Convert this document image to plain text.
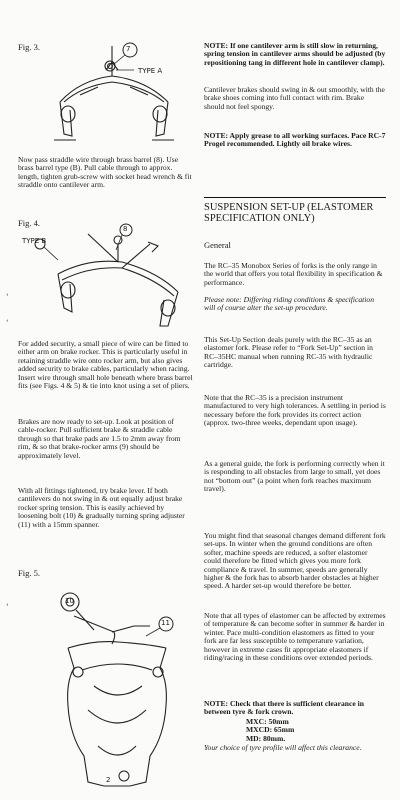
Fig. 3.	7
TYPE A

Now pass straddle wire through brass barrel (8). Use brass barrel type (B). Pull cable through to approx. length, tighten grub-screw with socket head wrench & fit straddle onto cantilever arm.

Fig. 4.
TYPE B
8

For added security, a small piece of wire can be fitted to either arm on brake rocker. This is particularly useful in retaining straddle wire onto rocker arm, but also gives added security to brake cables, particularly when racing. Insert wire through small hole beneath where brass barrel fits (see Figs. 4 & 5) & tie into knot using a set of pliers.

Brakes are now ready to set-up. Look at position of cable-rocker. Pull sufficient brake & straddle cable through so that brake pads are 1.5 to 2mm away from rim, & so that brake-rocker arms (9) should be approximately level.

With all fittings tightened, try brake lever. If both cantilevers do not swing in & out equally adjust brake rocker spring tension. This is easily achieved by loosening bolt (10) & gradually turning spring adjuster (11) with a 15mm spanner.

Fig. 5.
10
11
2
ʻ
ʻ
ʻ

NOTE: If one cantilever arm is still slow in returning, spring tension in cantilever arms should be adjusted (by repositioning tang in different hole in cantilever clamp).

Cantilever brakes should swing in & out smoothly, with the brake shoes coming into full contact with rim. Brake should not feel spongy.

NOTE: Apply grease to all working surfaces. Pace RC-7 Progel recommended. Lightly oil brake wires.

SUSPENSION SET-UP (ELASTOMER SPECIFICATION ONLY)
General

The RC–35 Monobox Series of forks is the only range in the world that offers you total flexibility in specification & performance.

Please note: Differing riding conditions & specification will of course alter the set-up procedure.

This Set-Up Section deals purely with the RC–35 as an elastomer fork. Please refer to “Fork Set-Up” section in RC–35HC manual when running RC-35 with hydraulic cartridge.

Note that the RC–35 is a precision instrument manufactured to very high tolerances. A settling in period is necessary before the fork provides its correct action (approx. two-three weeks, dependant upon usage).

As a general guide, the fork is performing correctly when it is responding to all obstacles from large to small, yet does not “bottom out” (a point when fork reaches maximum travel).

You might find that seasonal changes demand different fork set-ups. In winter when the ground conditions are often softer, machine speeds are reduced, a softer elastomer could therefore be fitted which gives you more fork compliance & travel. In summer, speeds are generally higher & the fork has to absorb harder obstacles at higher speed. A harder set-up would therefore be better.

Note that all types of elastomer can be affected by extremes of temperature & can become softer in summer & harder in winter. Pace multi-condition elastomers as fitted to your fork are far less susceptible to temperature variation, however in extreme cases fit appropriate elastomers if riding/racing in these conditions over extended periods.

NOTE: Check that there is sufficient clearance in between tyre & fork crown.

MXC: 50mm
MXCD: 65mm
MD: 80mm.

Your choice of tyre profile will affect this clearance.
